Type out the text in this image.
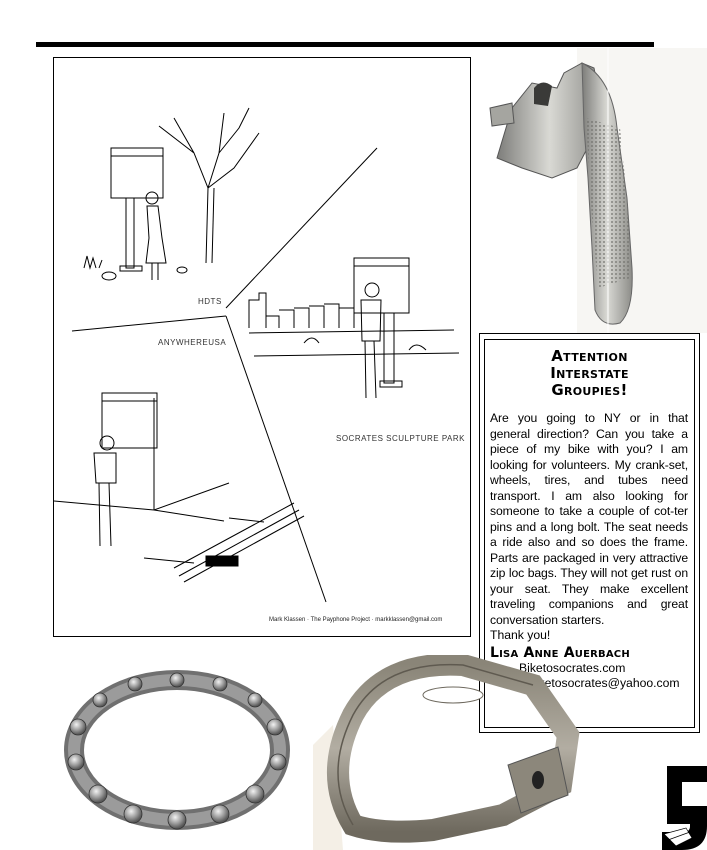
HDTS
ANYWHEREUSA
SOCRATES SCULPTURE PARK
Mark Klassen · The Payphone Project · markklassen@gmail.com
Attention
Interstate
Groupies!
Are you going to NY or in that general direction? Can you take a piece of my bike with you? I am looking for volunteers. My crank-set, wheels, tires, and tubes need transport. I am also looking for someone to take a couple of cot-ter pins and a long bolt. The seat needs a ride also and so does the frame. Parts are packaged in very attractive zip loc bags. They will not get rust on your seat. They make excellent traveling companions and great conversation starters.
Thank you!
Lisa Anne Auerbach
Biketosocrates.com
biketosocrates@yahoo.com
